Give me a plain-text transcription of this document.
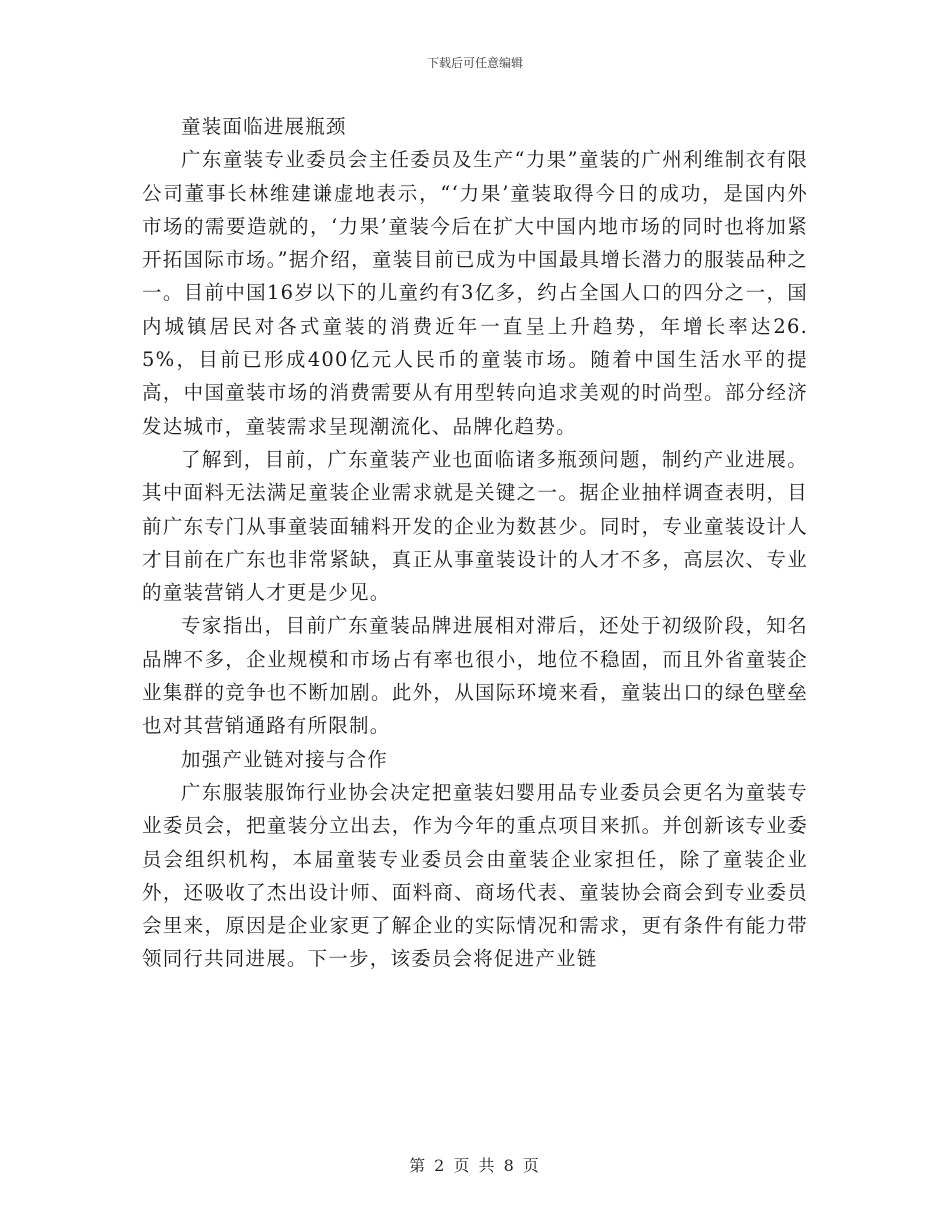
下载后可任意编辑

童装面临进展瓶颈

广东童装专业委员会主任委员及生产“力果”童装的广州利维制衣有限公司董事长林维建谦虚地表示，“‘力果’童装取得今日的成功，是国内外市场的需要造就的，‘力果’童装今后在扩大中国内地市场的同时也将加紧开拓国际市场。”据介绍，童装目前已成为中国最具增长潜力的服装品种之一。目前中国16岁以下的儿童约有3亿多，约占全国人口的四分之一，国内城镇居民对各式童装的消费近年一直呈上升趋势，年增长率达26.5%，目前已形成400亿元人民币的童装市场。随着中国生活水平的提高，中国童装市场的消费需要从有用型转向追求美观的时尚型。部分经济发达城市，童装需求呈现潮流化、品牌化趋势。

了解到，目前，广东童装产业也面临诸多瓶颈问题，制约产业进展。其中面料无法满足童装企业需求就是关键之一。据企业抽样调查表明，目前广东专门从事童装面辅料开发的企业为数甚少。同时，专业童装设计人才目前在广东也非常紧缺，真正从事童装设计的人才不多，高层次、专业的童装营销人才更是少见。

专家指出，目前广东童装品牌进展相对滞后，还处于初级阶段，知名品牌不多，企业规模和市场占有率也很小，地位不稳固，而且外省童装企业集群的竞争也不断加剧。此外，从国际环境来看，童装出口的绿色壁垒也对其营销通路有所限制。

加强产业链对接与合作

广东服装服饰行业协会决定把童装妇婴用品专业委员会更名为童装专业委员会，把童装分立出去，作为今年的重点项目来抓。并创新该专业委员会组织机构，本届童装专业委员会由童装企业家担任，除了童装企业外，还吸收了杰出设计师、面料商、商场代表、童装协会商会到专业委员会里来，原因是企业家更了解企业的实际情况和需求，更有条件有能力带领同行共同进展。下一步，该委员会将促进产业链

第 2 页 共 8 页
